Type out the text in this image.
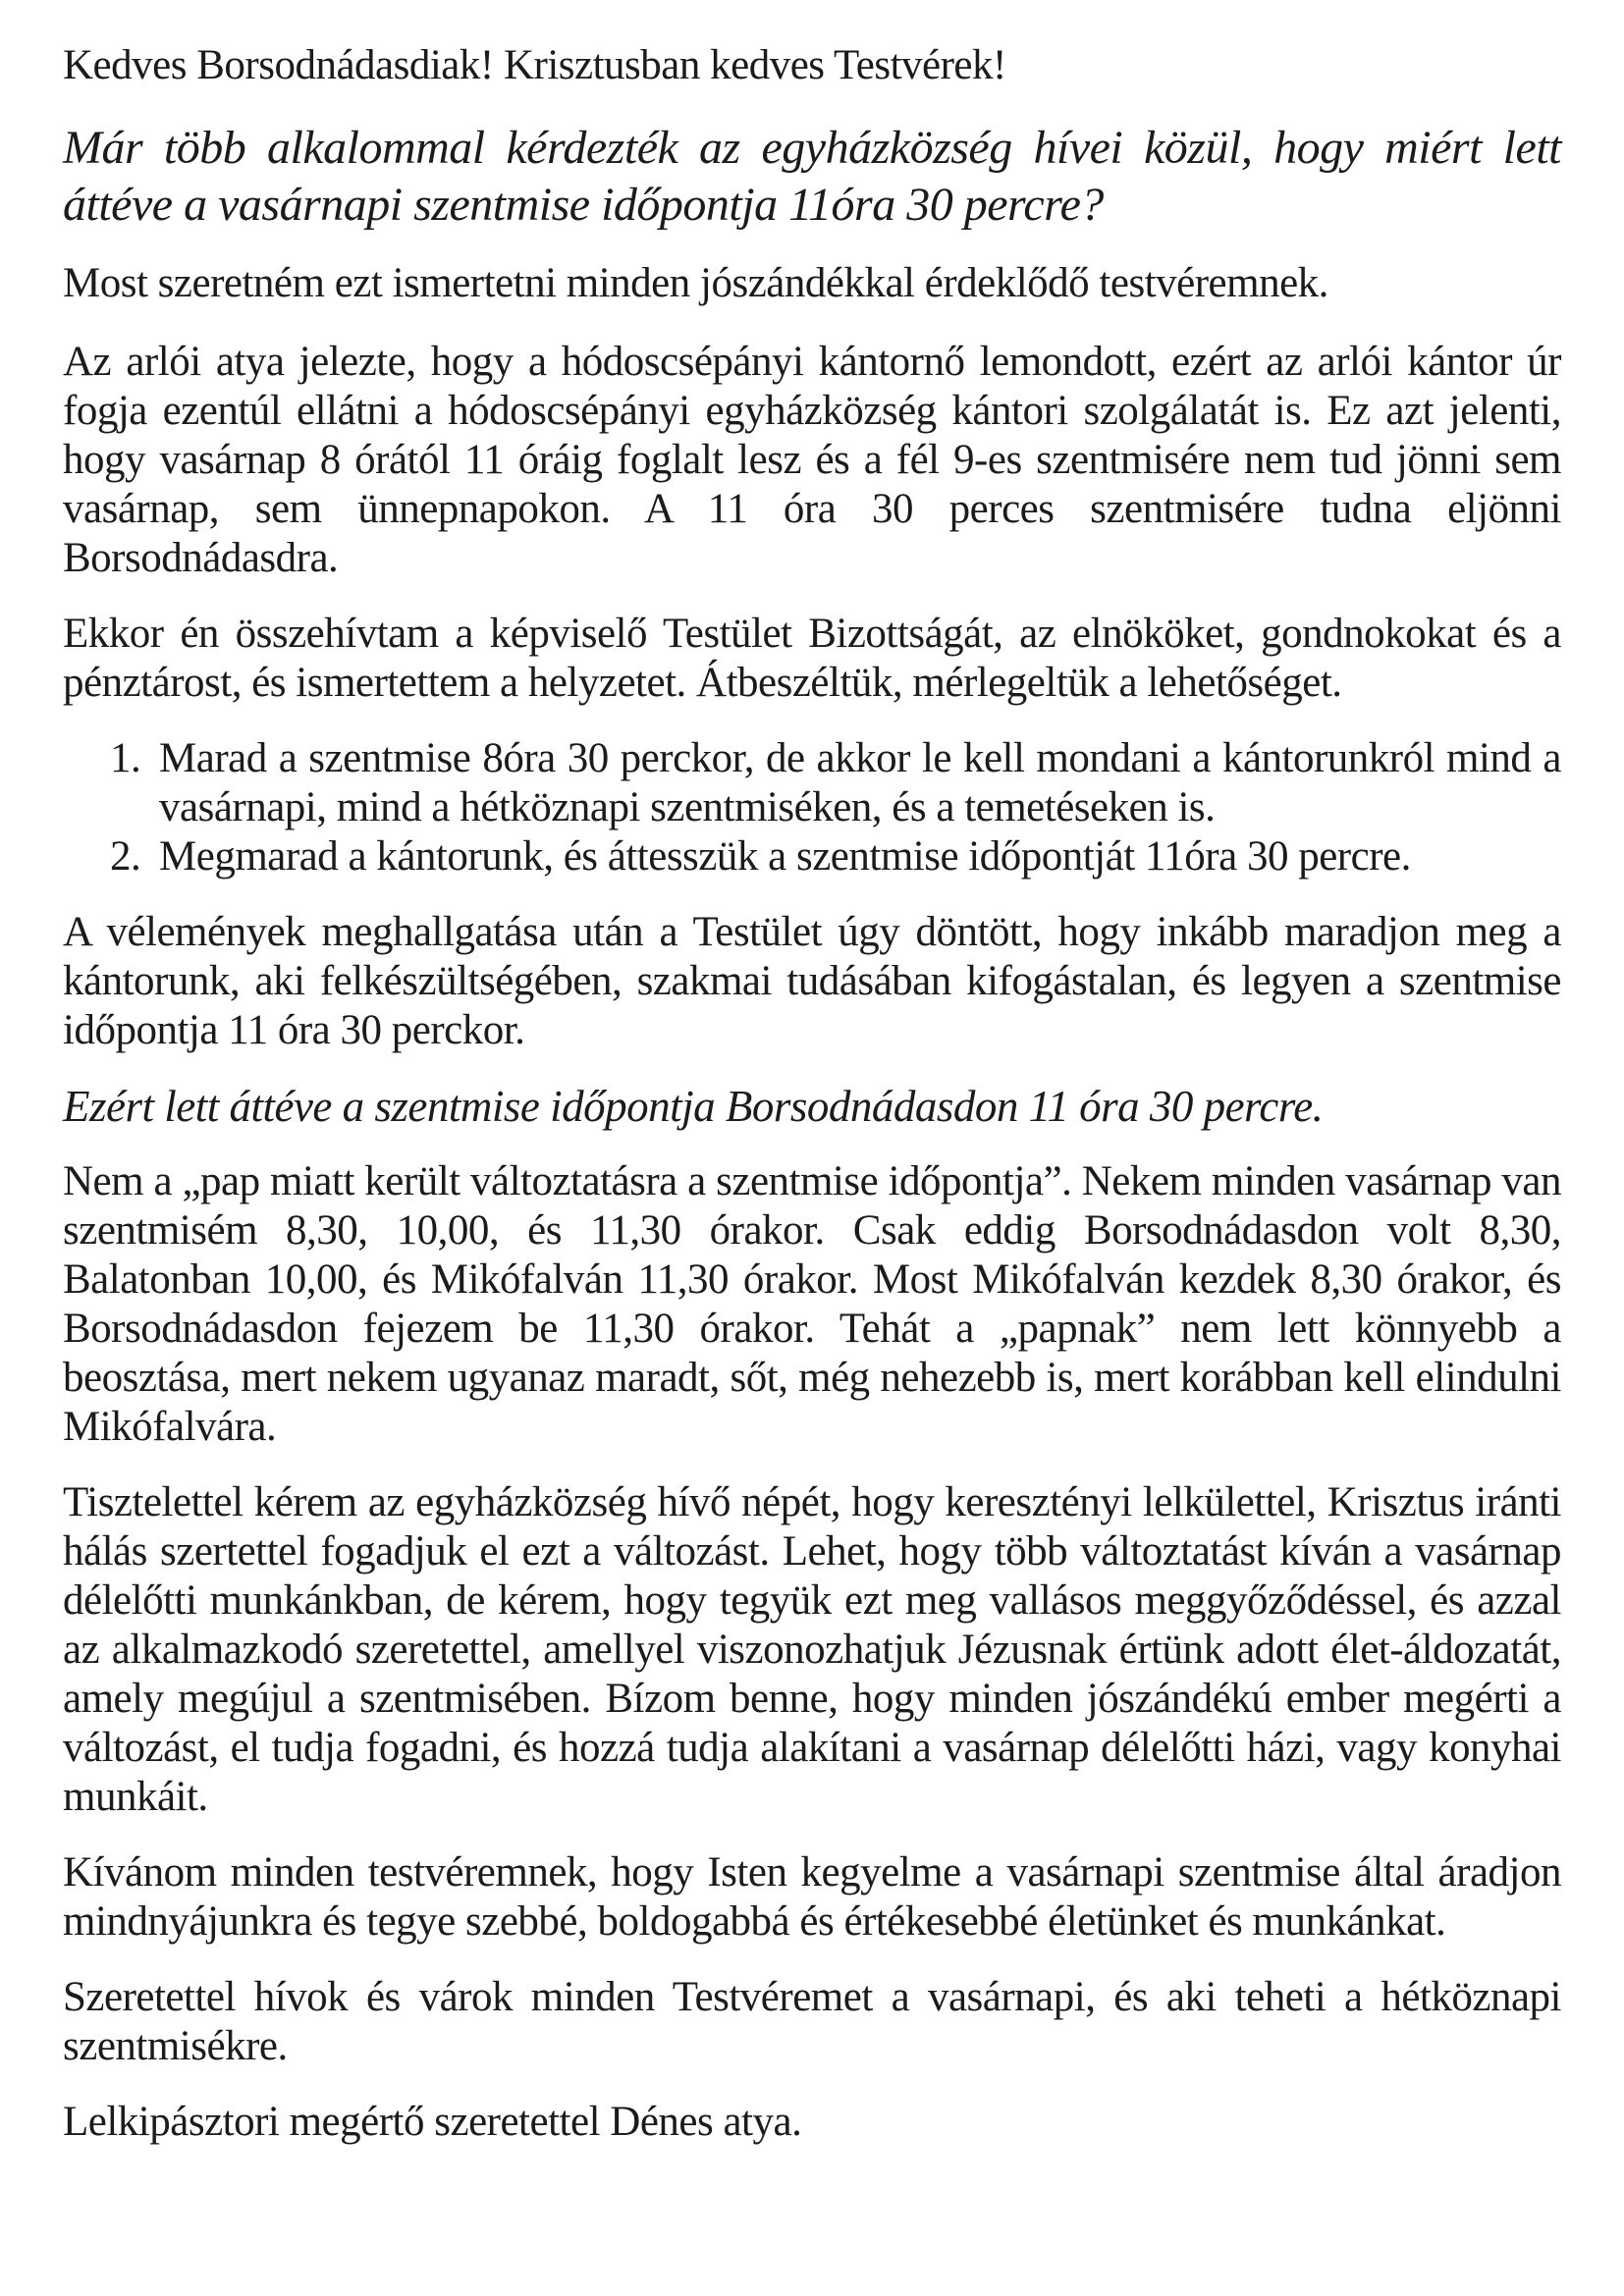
Kedves Borsodnádasdiak! Krisztusban kedves Testvérek!

Már több alkalommal kérdezték az egyházközség hívei közül, hogy miért lett áttéve a vasárnapi szentmise időpontja 11óra 30 percre?

Most szeretném ezt ismertetni minden jószándékkal érdeklődő testvéremnek.

Az arlói atya jelezte, hogy a hódoscsépányi kántornő lemondott, ezért az arlói kántor úr fogja ezentúl ellátni a hódoscsépányi egyházközség kántori szolgálatát is. Ez azt jelenti, hogy vasárnap 8 órától 11 óráig foglalt lesz és a fél 9-es szentmisére nem tud jönni sem vasárnap, sem ünnepnapokon. A 11 óra 30 perces szentmisére tudna eljönni Borsodnádasdra.

Ekkor én összehívtam a képviselő Testület Bizottságát, az elnököket, gondnokokat és a pénztárost, és ismertettem a helyzetet. Átbeszéltük, mérlegeltük a lehetőséget.

1. Marad a szentmise 8óra 30 perckor, de akkor le kell mondani a kántorunkról mind a vasárnapi, mind a hétköznapi szentmiséken, és a temetéseken is.
2. Megmarad a kántorunk, és áttesszük a szentmise időpontját 11óra 30 percre.

A vélemények meghallgatása után a Testület úgy döntött, hogy inkább maradjon meg a kántorunk, aki felkészültségében, szakmai tudásában kifogástalan, és legyen a szentmise időpontja 11 óra 30 perckor.

Ezért lett áttéve a szentmise időpontja Borsodnádasdon 11 óra 30 percre.

Nem a „pap miatt került változtatásra a szentmise időpontja”. Nekem minden vasárnap van szentmisém 8,30, 10,00, és 11,30 órakor. Csak eddig Borsodnádasdon volt 8,30, Balatonban 10,00, és Mikófalván 11,30 órakor. Most Mikófalván kezdek 8,30 órakor, és Borsodnádasdon fejezem be 11,30 órakor. Tehát a „papnak” nem lett könnyebb a beosztása, mert nekem ugyanaz maradt, sőt, még nehezebb is, mert korábban kell elindulni Mikófalvára.

Tisztelettel kérem az egyházközség hívő népét, hogy keresztényi lelkülettel, Krisztus iránti hálás szertettel fogadjuk el ezt a változást. Lehet, hogy több változtatást kíván a vasárnap délelőtti munkánkban, de kérem, hogy tegyük ezt meg vallásos meggyőződéssel, és azzal az alkalmazkodó szeretettel, amellyel viszonozhatjuk Jézusnak értünk adott élet-áldozatát, amely megújul a szentmisében. Bízom benne, hogy minden jószándékú ember megérti a változást, el tudja fogadni, és hozzá tudja alakítani a vasárnap délelőtti házi, vagy konyhai munkáit.

Kívánom minden testvéremnek, hogy Isten kegyelme a vasárnapi szentmise által áradjon mindnyájunkra és tegye szebbé, boldogabbá és értékesebbé életünket és munkánkat.

Szeretettel hívok és várok minden Testvéremet a vasárnapi, és aki teheti a hétköznapi szentmisékre.

Lelkipásztori megértő szeretettel Dénes atya.
